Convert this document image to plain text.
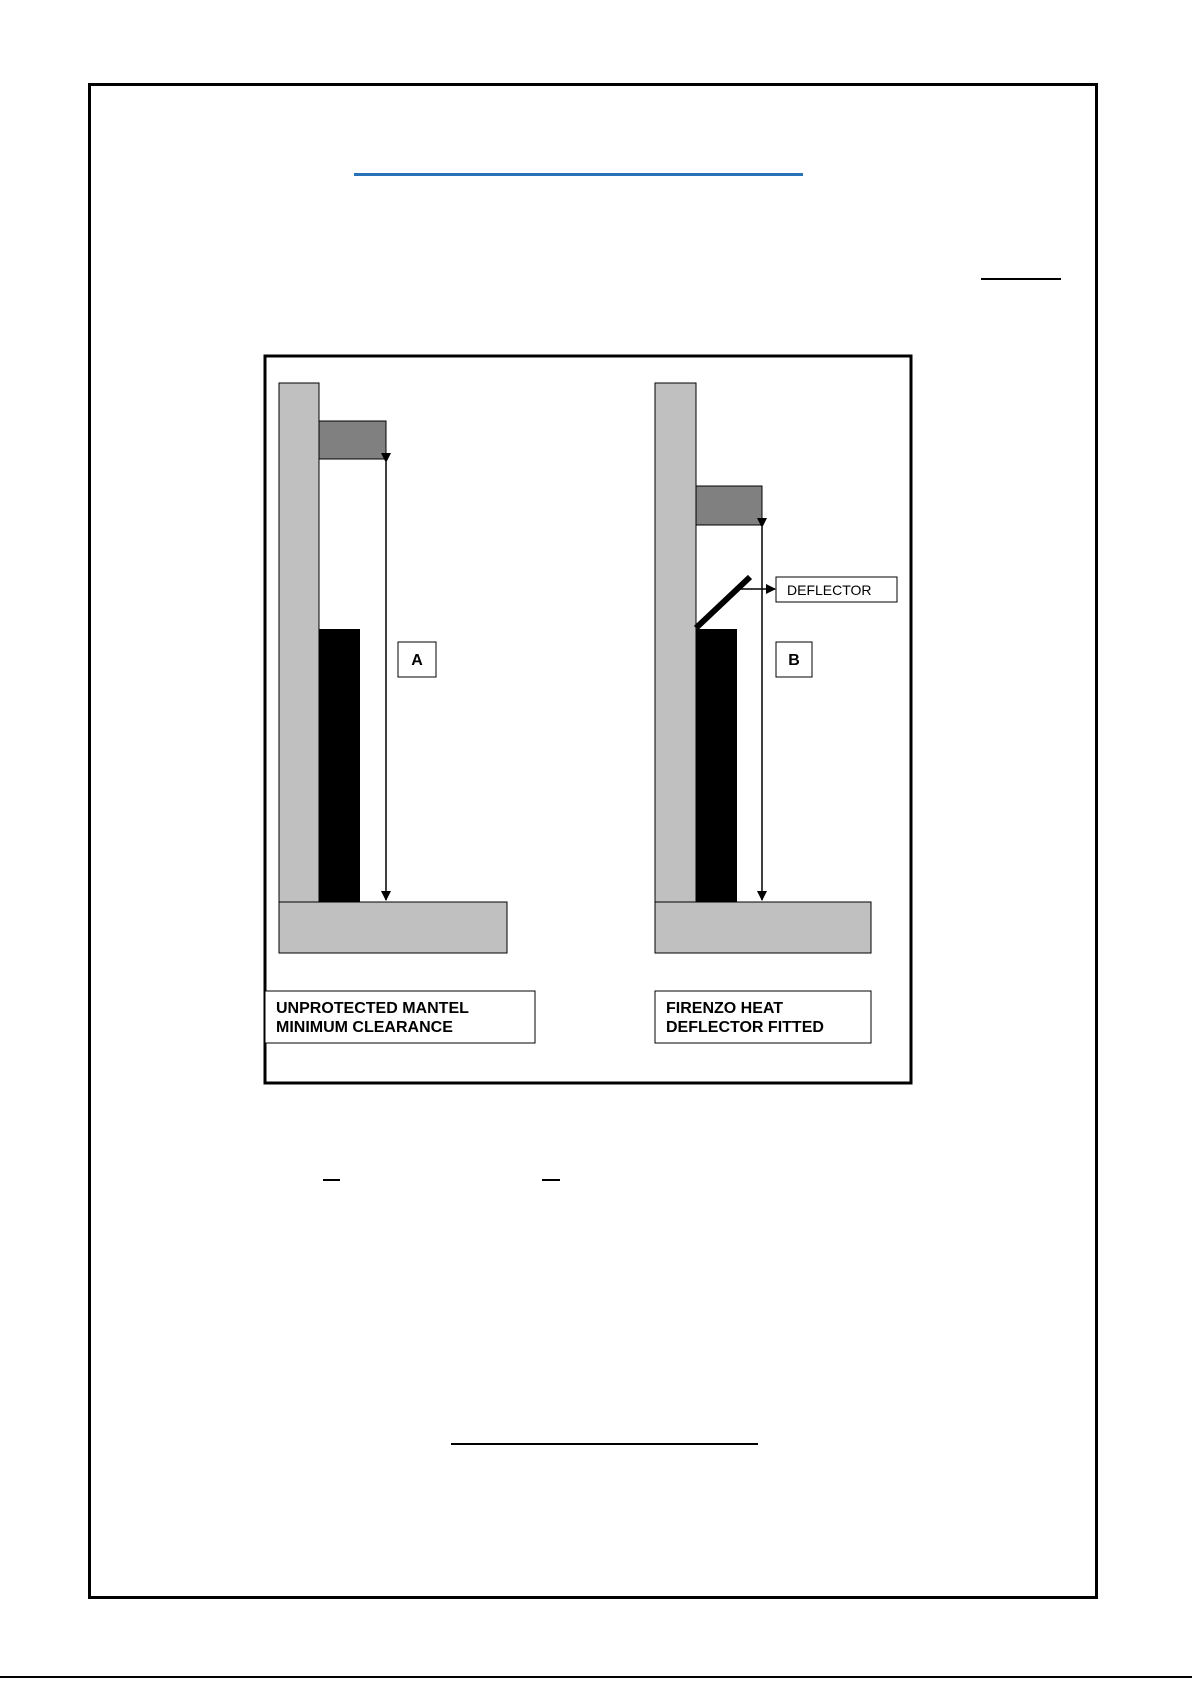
A
UNPROTECTED MANTEL
MINIMUM CLEARANCE
DEFLECTOR
B
FIRENZO HEAT
DEFLECTOR FITTED
